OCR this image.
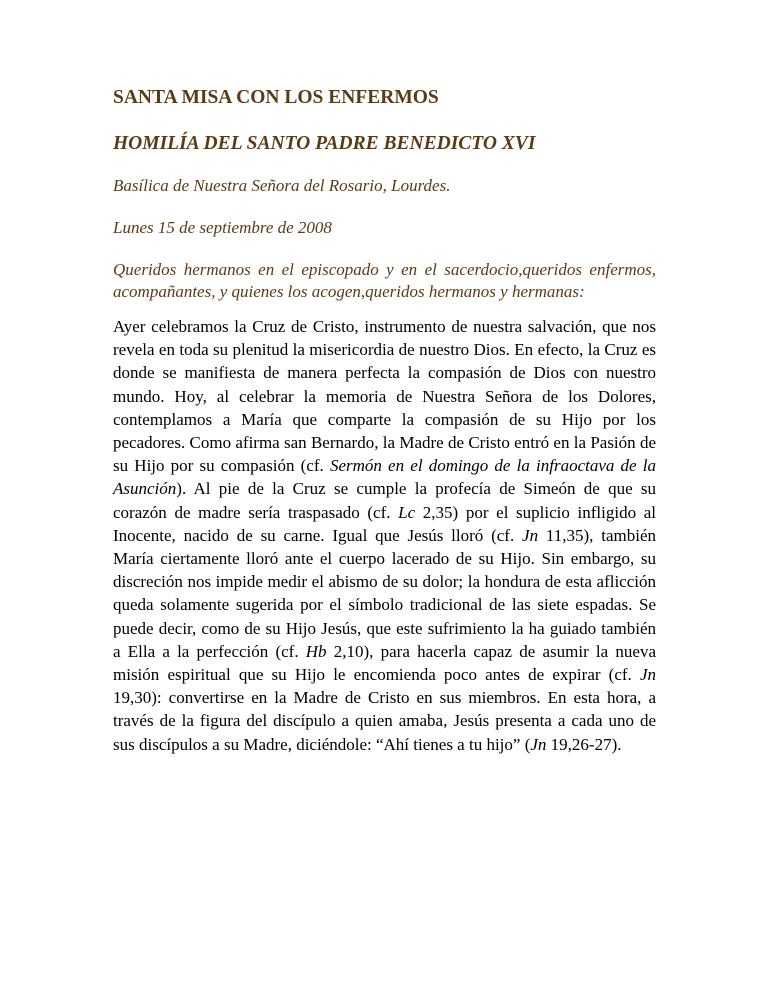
SANTA MISA CON LOS ENFERMOS
HOMILÍA DEL SANTO PADRE BENEDICTO XVI

Basílica de Nuestra Señora del Rosario, Lourdes.

Lunes 15 de septiembre de 2008

Queridos hermanos en el episcopado y en el sacerdocio,queridos enfermos, acompañantes, y quienes los acogen,queridos hermanos y hermanas:

Ayer celebramos la Cruz de Cristo, instrumento de nuestra salvación, que nos revela en toda su plenitud la misericordia de nuestro Dios. En efecto, la Cruz es donde se manifiesta de manera perfecta la compasión de Dios con nuestro mundo. Hoy, al celebrar la memoria de Nuestra Señora de los Dolores, contemplamos a María que comparte la compasión de su Hijo por los pecadores. Como afirma san Bernardo, la Madre de Cristo entró en la Pasión de su Hijo por su compasión (cf. Sermón en el domingo de la infraoctava de la Asunción). Al pie de la Cruz se cumple la profecía de Simeón de que su corazón de madre sería traspasado (cf. Lc 2,35) por el suplicio infligido al Inocente, nacido de su carne. Igual que Jesús lloró (cf. Jn 11,35), también María ciertamente lloró ante el cuerpo lacerado de su Hijo. Sin embargo, su discreción nos impide medir el abismo de su dolor; la hondura de esta aflicción queda solamente sugerida por el símbolo tradicional de las siete espadas. Se puede decir, como de su Hijo Jesús, que este sufrimiento la ha guiado también a Ella a la perfección (cf. Hb 2,10), para hacerla capaz de asumir la nueva misión espiritual que su Hijo le encomienda poco antes de expirar (cf. Jn 19,30): convertirse en la Madre de Cristo en sus miembros. En esta hora, a través de la figura del discípulo a quien amaba, Jesús presenta a cada uno de sus discípulos a su Madre, diciéndole: “Ahí tienes a tu hijo” (Jn 19,26-27).
